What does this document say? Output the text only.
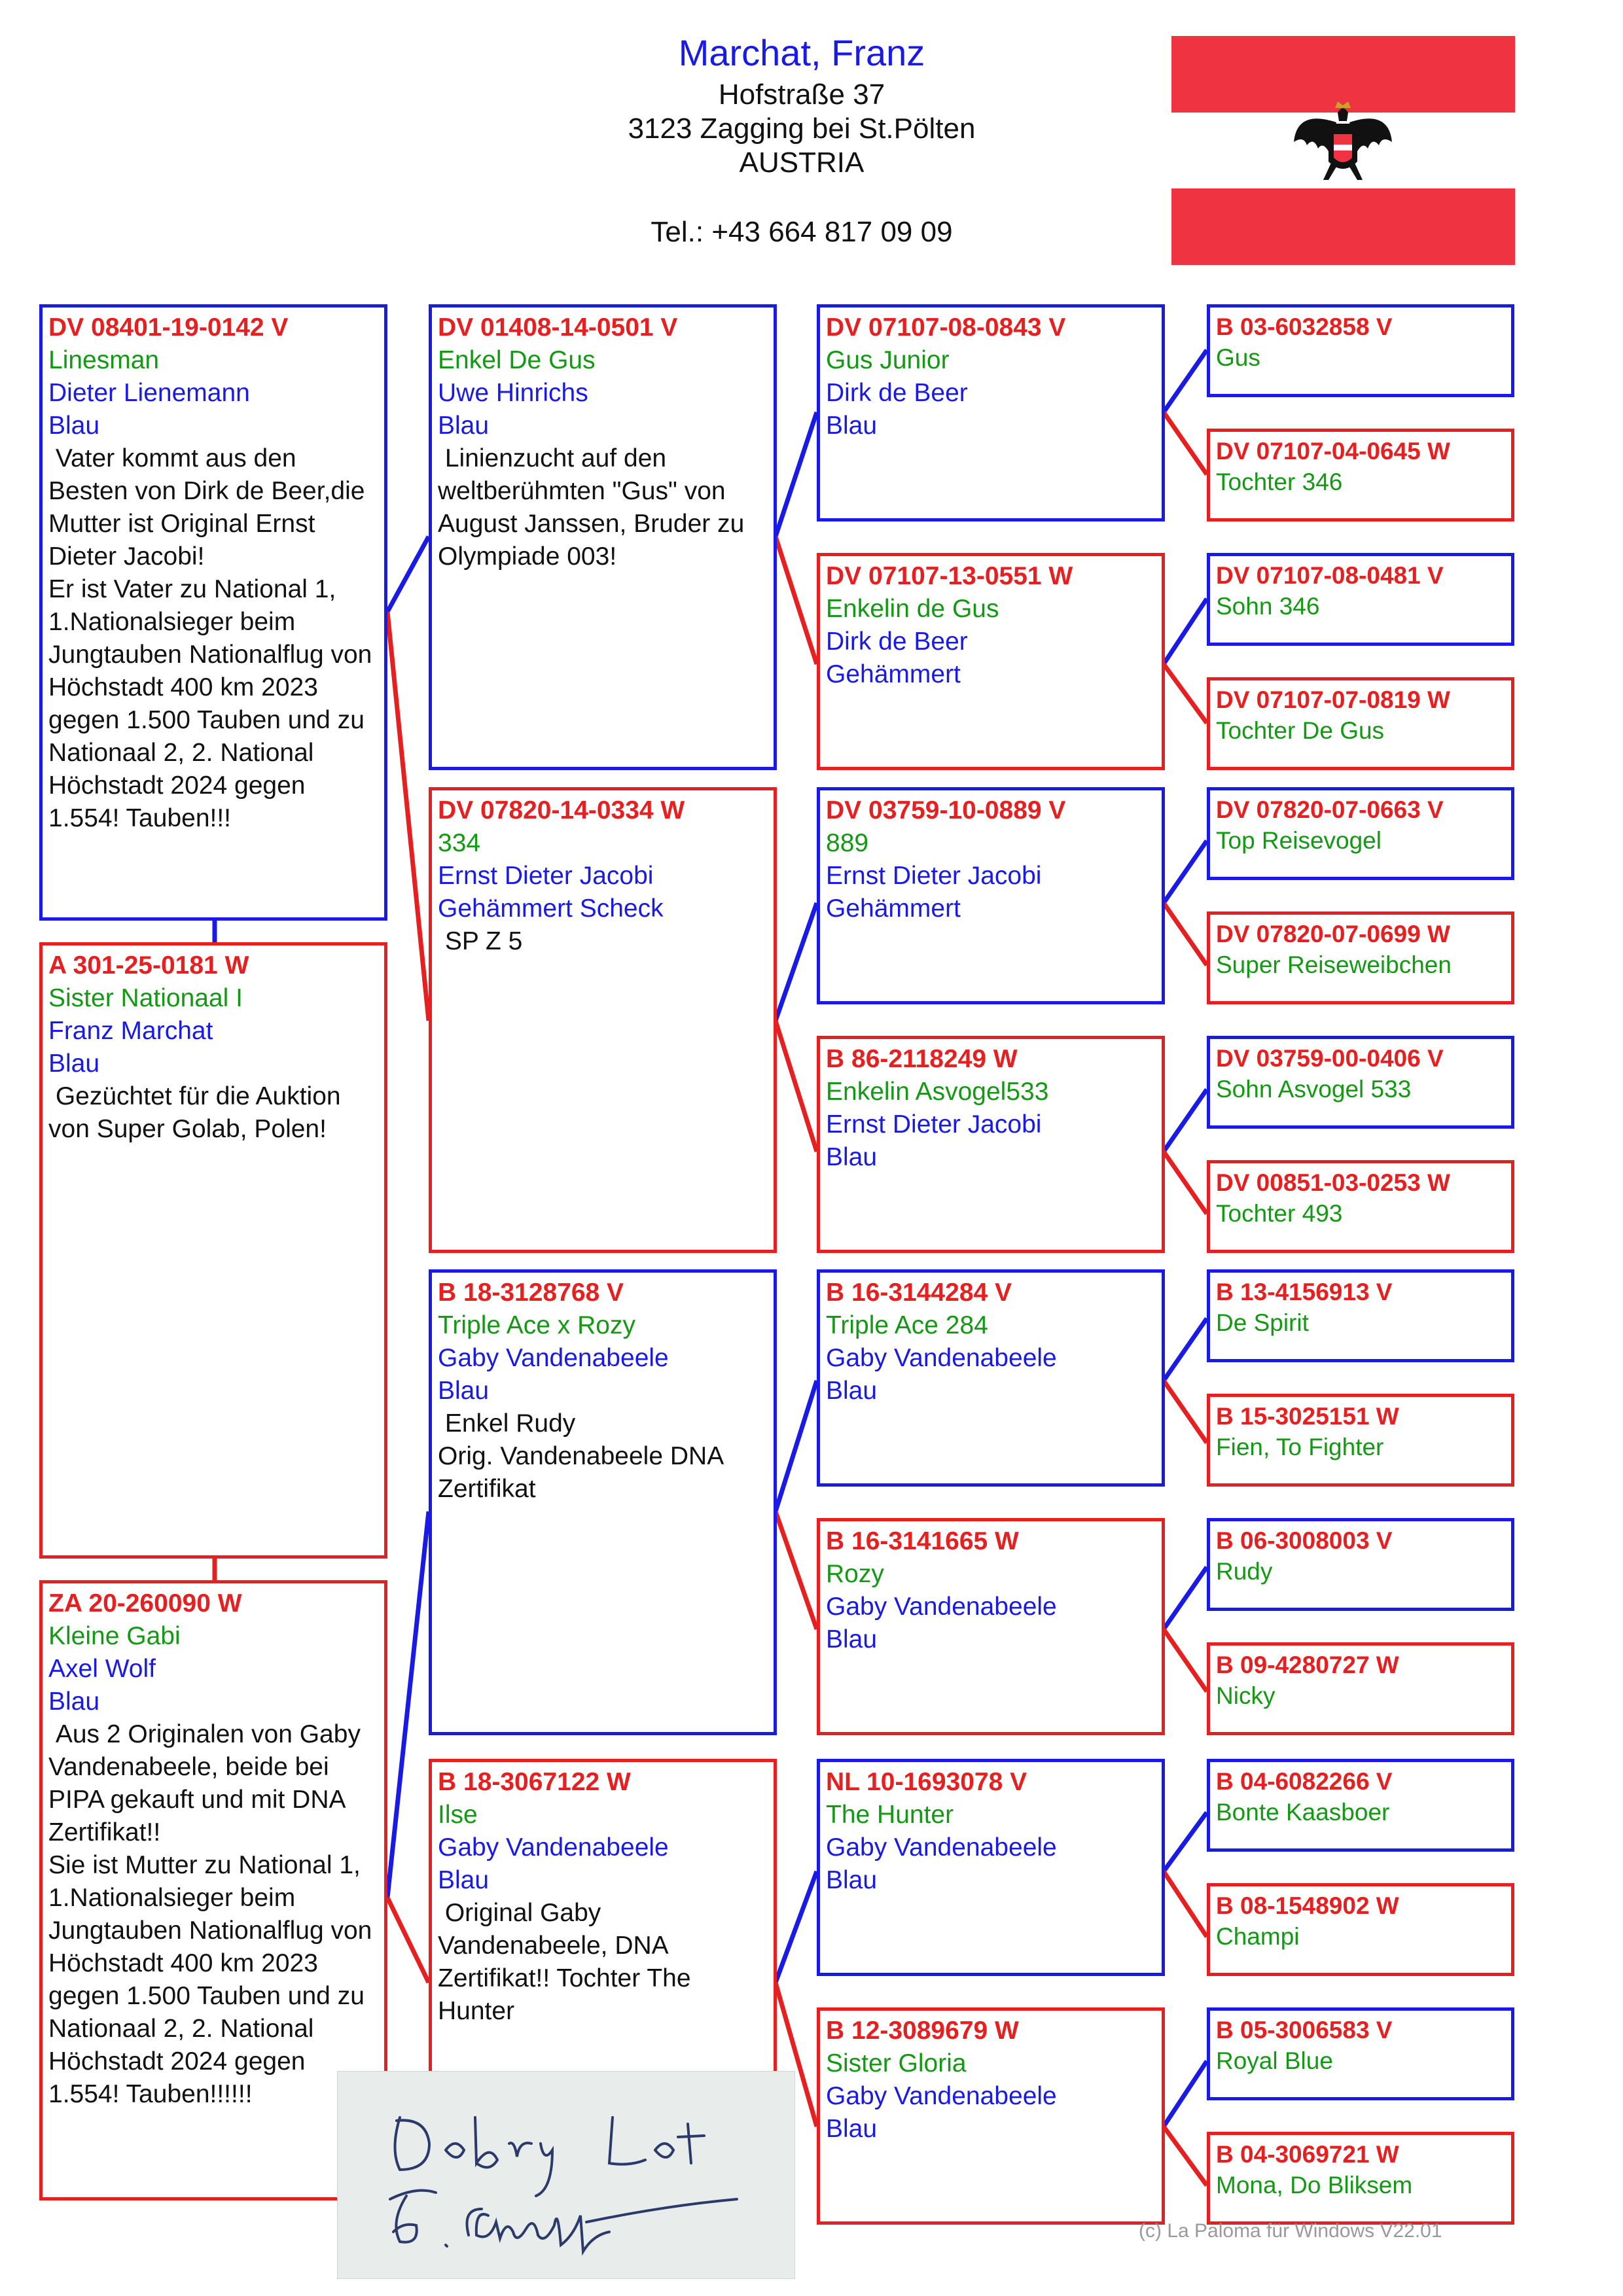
Marchat, Franz
Hofstraße 37
3123 Zagging bei St.Pölten
AUSTRIA
Tel.: +43 664 817 09 09
DV 08401-19-0142 V
Linesman
Dieter Lienemann
Blau
Vater kommt aus den Besten von Dirk de Beer,die Mutter ist Original Ernst Dieter Jacobi!
Er ist Vater zu National 1, 1.Nationalsieger beim Jungtauben Nationalflug von Höchstadt 400 km 2023 gegen 1.500 Tauben und zu Nationaal 2, 2. National Höchstadt 2024 gegen 1.554! Tauben!!!
A 301-25-0181 W
Sister Nationaal I
Franz Marchat
Blau
Gezüchtet für die Auktion von Super Golab, Polen!
ZA 20-260090 W
Kleine Gabi
Axel Wolf
Blau
Aus 2 Originalen von Gaby Vandenabeele, beide bei PIPA gekauft und mit DNA Zertifikat!!
Sie ist Mutter zu National 1, 1.Nationalsieger beim Jungtauben Nationalflug von Höchstadt 400 km 2023 gegen 1.500 Tauben und zu Nationaal 2, 2. National Höchstadt 2024 gegen 1.554! Tauben!!!!!!
DV 01408-14-0501 V
Enkel De Gus
Uwe Hinrichs
Blau
Linienzucht auf den weltberühmten "Gus" von August Janssen, Bruder zu Olympiade 003!
DV 07820-14-0334 W
334
Ernst Dieter Jacobi
Gehämmert Scheck
SP Z 5
B 18-3128768 V
Triple Ace x Rozy
Gaby Vandenabeele
Blau
Enkel Rudy
Orig. Vandenabeele DNA Zertifikat
B 18-3067122 W
Ilse
Gaby Vandenabeele
Blau
Original Gaby Vandenabeele, DNA Zertifikat!! Tochter The Hunter
DV 07107-08-0843 V
Gus Junior
Dirk de Beer
Blau
DV 07107-13-0551 W
Enkelin de Gus
Dirk de Beer
Gehämmert
DV 03759-10-0889 V
889
Ernst Dieter Jacobi
Gehämmert
B 86-2118249 W
Enkelin Asvogel533
Ernst Dieter Jacobi
Blau
B 16-3144284 V
Triple Ace 284
Gaby Vandenabeele
Blau
B 16-3141665 W
Rozy
Gaby Vandenabeele
Blau
NL 10-1693078 V
The Hunter
Gaby Vandenabeele
Blau
B 12-3089679 W
Sister Gloria
Gaby Vandenabeele
Blau
B 03-6032858 V
Gus
DV 07107-04-0645 W
Tochter 346
DV 07107-08-0481 V
Sohn 346
DV 07107-07-0819 W
Tochter De Gus
DV 07820-07-0663 V
Top Reisevogel
DV 07820-07-0699 W
Super Reiseweibchen
DV 03759-00-0406 V
Sohn Asvogel 533
DV 00851-03-0253 W
Tochter 493
B 13-4156913 V
De Spirit
B 15-3025151 W
Fien, To Fighter
B 06-3008003 V
Rudy
B 09-4280727 W
Nicky
B 04-6082266 V
Bonte Kaasboer
B 08-1548902 W
Champi
B 05-3006583 V
Royal Blue
B 04-3069721 W
Mona, Do Bliksem
(c) La Paloma für Windows V22.01
